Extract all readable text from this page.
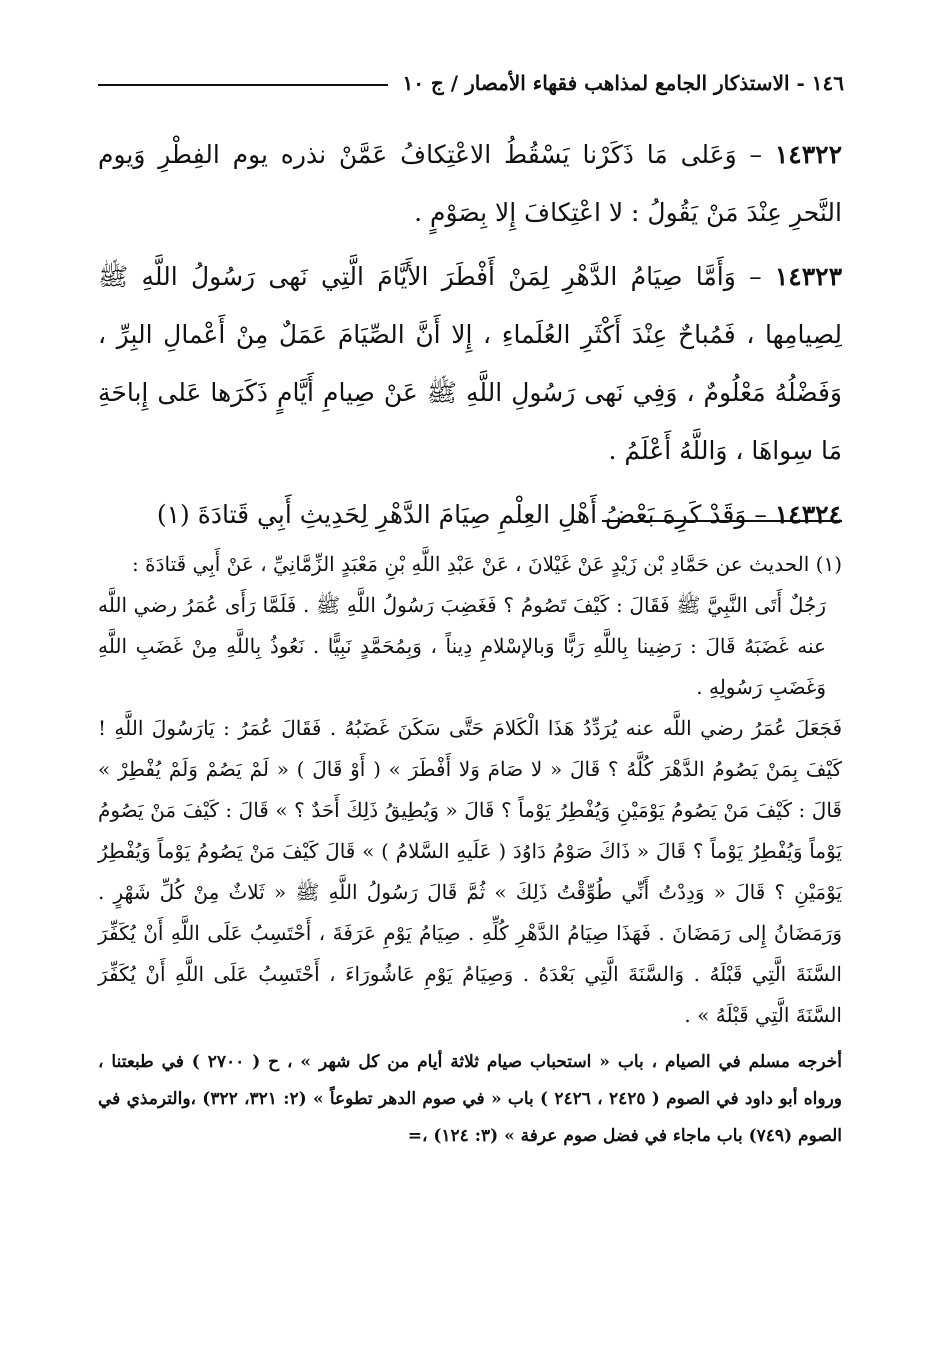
١٤٦ - الاستذكار الجامع لمذاهب فقهاء الأمصار / ج ١٠

١٤٣٢٢ – وَعَلى مَا ذَكَرْنا يَسْقُطُ الاعْتِكافُ عَمَّنْ نذره يوم الفِطْرِ وَيوم النَّحرِ عِنْدَ مَنْ يَقُولُ : لا اعْتِكافَ إِلا بِصَوْمٍ .

١٤٣٢٣ – وَأَمَّا صِيَامُ الدَّهْرِ لِمَنْ أَفْطَرَ الأَيَّامَ الَّتِي نَهى رَسُولُ اللَّهِ ﷺ لِصِيامِها ، فَمُباحٌ عِنْدَ أَكْثَرِ العُلَماءِ ، إِلا أَنَّ الصِّيَامَ عَمَلٌ مِنْ أَعْمالِ البِرِّ ، وَفَضْلُهُ مَعْلُومٌ ، وَفِي نَهى رَسُولِ اللَّهِ ﷺ عَنْ صِيامِ أَيَّامٍ ذَكَرَها عَلى إِباحَةِ مَا سِواهَا ، وَاللَّهُ أَعْلَمُ .

١٤٣٢٤ – وَقَدْ كَرِهَ بَعْضُ أَهْلِ العِلْمِ صِيَامَ الدَّهْرِ لِحَدِيثِ أَبِي قَتادَةَ (١)

(١) الحديث عن حَمَّادِ بْن زَيْدٍ عَنْ غَيْلانَ ، عَنْ عَبْدِ اللَّهِ بْنِ مَعْبَدٍ الزِّمَّانِيِّ ، عَنْ أَبِي قَتادَةَ :

رَجُلٌ أَتَى النَّبِيَّ ﷺ فَقَالَ : كَيْفَ تَصُومُ ؟ فَغَضِبَ رَسُولُ اللَّهِ ﷺ . فَلَمَّا رَأَى عُمَرُ رضي اللَّه عنه غَضَبَهُ قَالَ : رَضِينا بِاللَّهِ رَبًّا وَبالإسْلامِ دِيناً ، وَبِمُحَمَّدٍ نَبِيًّا . نَعُوذُ بِاللَّهِ مِنْ غَضَبِ اللَّهِ وَغَضَبِ رَسُولِهِ .

فَجَعَلَ عُمَرُ رضي اللَّه عنه يُرَدِّدُ هَذَا الْكَلامَ حَتَّى سَكَنَ غَضَبُهُ . فَقَالَ عُمَرُ : يَارَسُولَ اللَّهِ ! كَيْفَ بِمَنْ يَصُومُ الدَّهْرَ كُلَّهُ ؟ قَالَ « لا صَامَ وَلا أَفْطَرَ » ( أَوْ قَالَ ) « لَمْ يَصُمْ وَلَمْ يُفْطِرْ » قَالَ : كَيْفَ مَنْ يَصُومُ يَوْمَيْنِ وَيُفْطِرُ يَوْماً ؟ قَالَ « وَيُطِيقُ ذَلِكَ أَحَدٌ ؟ » قَالَ : كَيْفَ مَنْ يَصُومُ يَوْماً وَيُفْطِرُ يَوْماً ؟ قَالَ « ذَاكَ صَوْمُ دَاوُدَ ( عَلَيهِ السَّلامُ ) » قَالَ كَيْفَ مَنْ يَصُومُ يَوْماً وَيُفْطِرُ يَوْمَيْنِ ؟ قَالَ « وَدِدْتُ أَنِّي طُوِّقْتُ ذَلِكَ » ثُمَّ قَالَ رَسُولُ اللَّهِ ﷺ « ثَلاثٌ مِنْ كُلِّ شَهْرٍ . وَرَمَضَانُ إِلى رَمَضَانَ . فَهَذَا صِيَامُ الدَّهْرِ كُلِّهِ . صِيَامُ يَوْمِ عَرَفَةَ ، أَحْتَسِبُ عَلَى اللَّهِ أَنْ يُكَفِّرَ السَّنَةَ الَّتِي قَبْلَهُ . وَالسَّنَةَ الَّتِي بَعْدَهُ . وَصِيَامُ يَوْمِ عَاشُورَاءَ ، أَحْتَسِبُ عَلَى اللَّهِ أَنْ يُكَفِّرَ السَّنَةَ الَّتِي قَبْلَهُ » .

أخرجه مسلم في الصيام ، باب « استحباب صيام ثلاثة أيام من كل شهر » ، ح ( ٢٧٠٠ ) في طبعتنا ، ورواه أبو داود في الصوم ( ٢٤٢٥ ، ٢٤٢٦ ) باب « في صوم الدهر تطوعاً » (٢: ٣٢١، ٣٢٢) ،والترمذي في الصوم (٧٤٩) باب ماجاء في فضل صوم عرفة » (٣: ١٢٤) ،=
